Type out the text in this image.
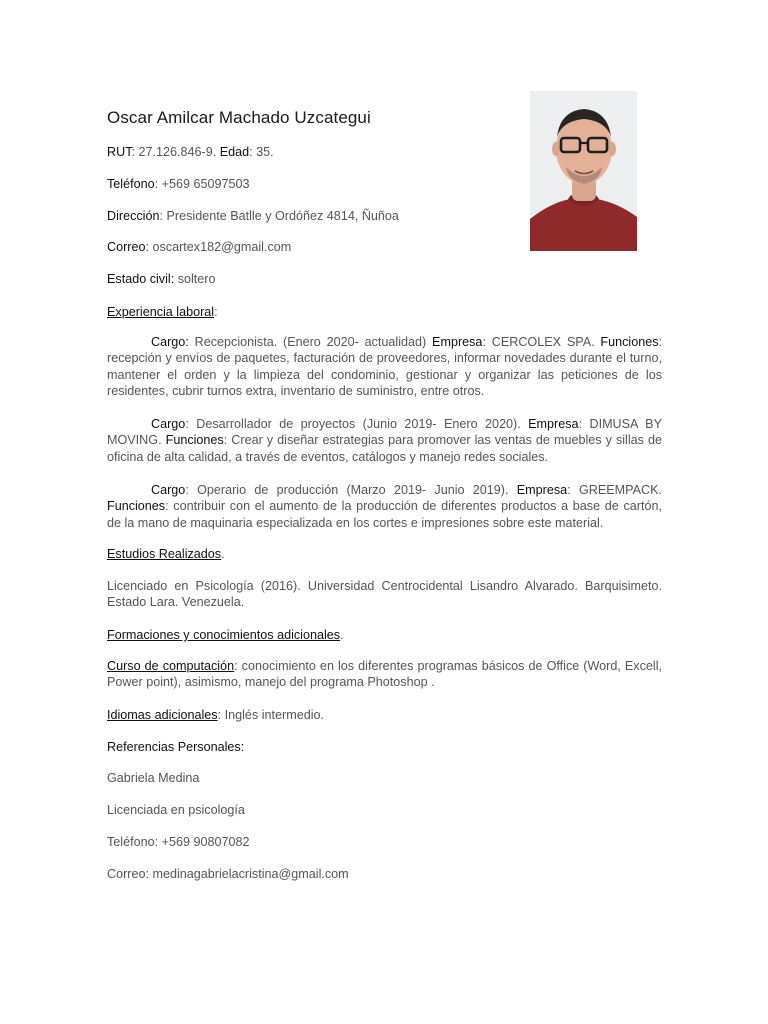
Oscar Amilcar Machado Uzcategui
RUT: 27.126.846-9. Edad: 35.
Teléfono: +569 65097503
Dirección: Presidente Batlle y Ordóñez 4814, Ñuñoa
Correo: oscartex182@gmail.com
Estado civil: soltero
Experiencia laboral:
Cargo: Recepcionista. (Enero 2020- actualidad) Empresa: CERCOLEX SPA. Funciones: recepción y envíos de paquetes, facturación de proveedores, informar novedades durante el turno, mantener el orden y la limpieza del condominio, gestionar y organizar las peticiones de los residentes, cubrir turnos extra, inventario de suministro, entre otros.
Cargo: Desarrollador de proyectos (Junio 2019- Enero 2020). Empresa: DIMUSA BY MOVING. Funciones: Crear y diseñar estrategias para promover las ventas de muebles y sillas de oficina de alta calidad, a través de eventos, catálogos y manejo redes sociales.
Cargo: Operario de producción (Marzo 2019- Junio 2019). Empresa: GREEMPACK. Funciones: contribuir con el aumento de la producción de diferentes productos a base de cartón, de la mano de maquinaria especializada en los cortes e impresiones sobre este material.
Estudios Realizados.
Licenciado en Psicología (2016). Universidad Centrocidental Lisandro Alvarado. Barquisimeto. Estado Lara. Venezuela.
Formaciones y conocimientos adicionales.
Curso de computación: conocimiento en los diferentes programas básicos de Office (Word, Excell, Power point), asimismo, manejo del programa Photoshop .
Idiomas adicionales: Inglés intermedio.
Referencias Personales:
Gabriela Medina
Licenciada en psicología
Teléfono: +569 90807082
Correo: medinagabrielacristina@gmail.com
